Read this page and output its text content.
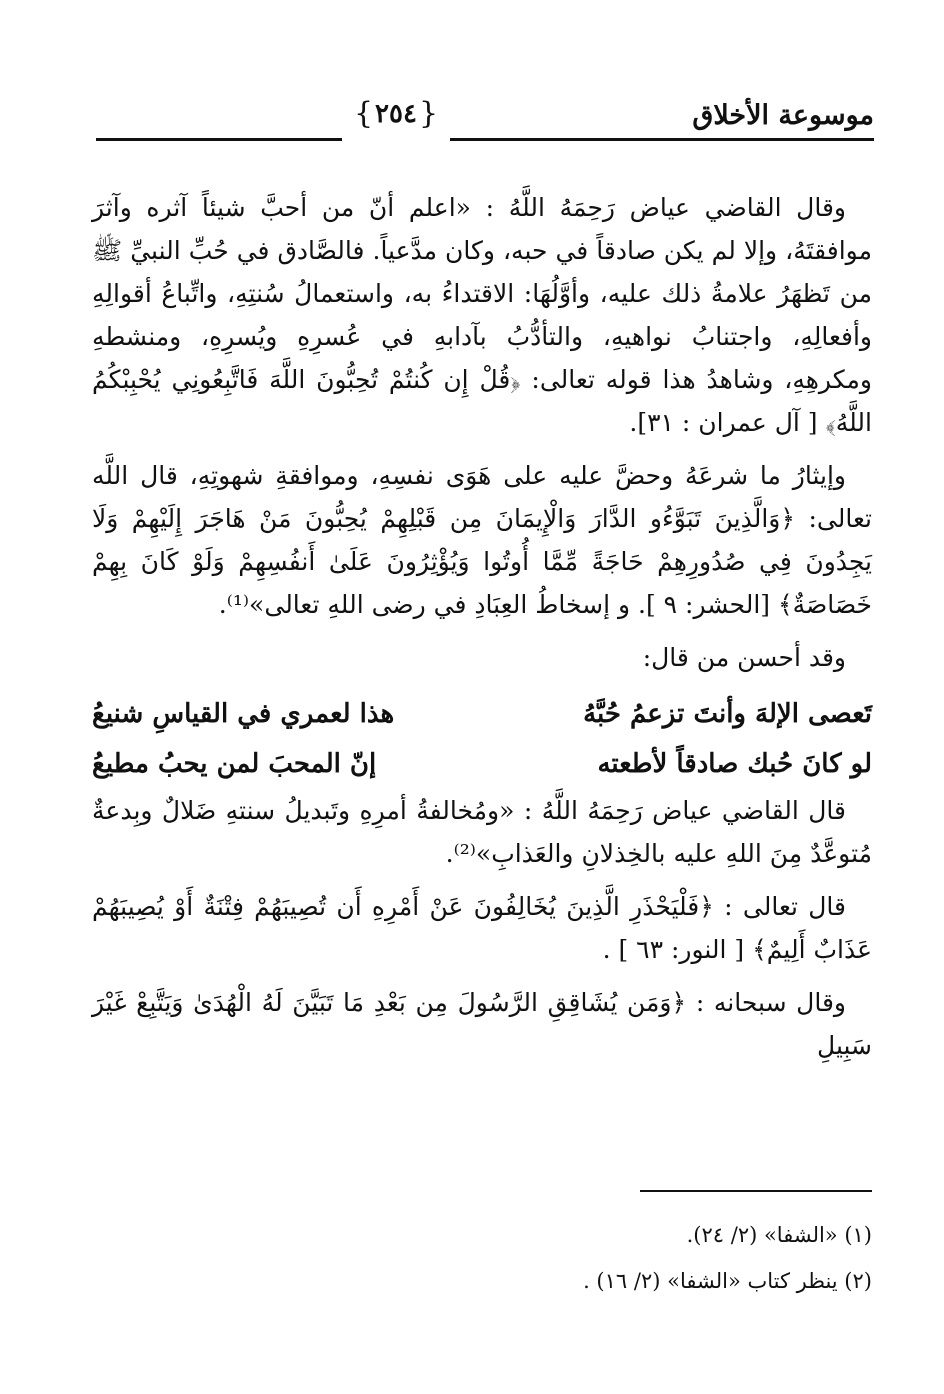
موسوعة الأخلاق
{
٢٥٤
}

وقال القاضي عياض رَحِمَهُ اللَّهُ : «اعلم أنّ من أحبَّ شيئاً آثره وآثرَ موافقتَهُ، وإلا لم يكن صادقاً في حبه، وكان مدَّعياً. فالصَّادق في حُبِّ النبيِّ ﷺ من تَظهَرُ علامةُ ذلك عليه، وأوَّلُهَا: الاقتداءُ به، واستعمالُ سُنتِهِ، واتِّباعُ أقوالِهِ وأفعالِهِ، واجتنابُ نواهيهِ، والتأدُّبُ بآدابهِ في عُسرِهِ ويُسرِهِ، ومنشطهِ ومكرهِهِ، وشاهدُ هذا قوله تعالى: ﴿قُلْ إِن كُنتُمْ تُحِبُّونَ اللَّهَ فَاتَّبِعُونِي يُحْبِبْكُمُ اللَّهُ﴾ [ آل عمران : ٣١].

وإيثارُ ما شرعَهُ وحضَّ عليه على هَوَى نفسِهِ، وموافقةِ شهوتِهِ، قال اللَّه تعالى: ﴿وَالَّذِينَ تَبَوَّءُو الدَّارَ وَالْإِيمَانَ مِن قَبْلِهِمْ يُحِبُّونَ مَنْ هَاجَرَ إِلَيْهِمْ وَلَا يَجِدُونَ فِي صُدُورِهِمْ حَاجَةً مِّمَّا أُوتُوا وَيُؤْثِرُونَ عَلَىٰ أَنفُسِهِمْ وَلَوْ كَانَ بِهِمْ خَصَاصَةٌ﴾ [الحشر: ٩ ]. و إسخاطُ العِبَادِ في رضى اللهِ تعالى»⁽¹⁾.

وقد أحسن من قال:

تَعصى الإلهَ وأنتَ تزعمُ حُبَّهُ
هذا لعمري في القياسِ شنيعُ
لو كانَ حُبك صادقاً لأطعته
إنّ المحبَ لمن يحبُ مطيعُ

قال القاضي عياض رَحِمَهُ اللَّهُ : «ومُخالفةُ أمرِهِ وتَبديلُ سنتهِ ضَلالٌ وبِدعةٌ مُتوعَّدٌ مِنَ اللهِ عليه بالخِذلانِ والعَذابِ»⁽²⁾.

قال تعالى : ﴿فَلْيَحْذَرِ الَّذِينَ يُخَالِفُونَ عَنْ أَمْرِهِ أَن تُصِيبَهُمْ فِتْنَةٌ أَوْ يُصِيبَهُمْ عَذَابٌ أَلِيمٌ﴾ [ النور: ٦٣ ] .

وقال سبحانه : ﴿وَمَن يُشَاقِقِ الرَّسُولَ مِن بَعْدِ مَا تَبَيَّنَ لَهُ الْهُدَىٰ وَيَتَّبِعْ غَيْرَ سَبِيلِ

(١) «الشفا» (٢/ ٢٤).
(٢) ينظر كتاب «الشفا» (٢/ ١٦) .
